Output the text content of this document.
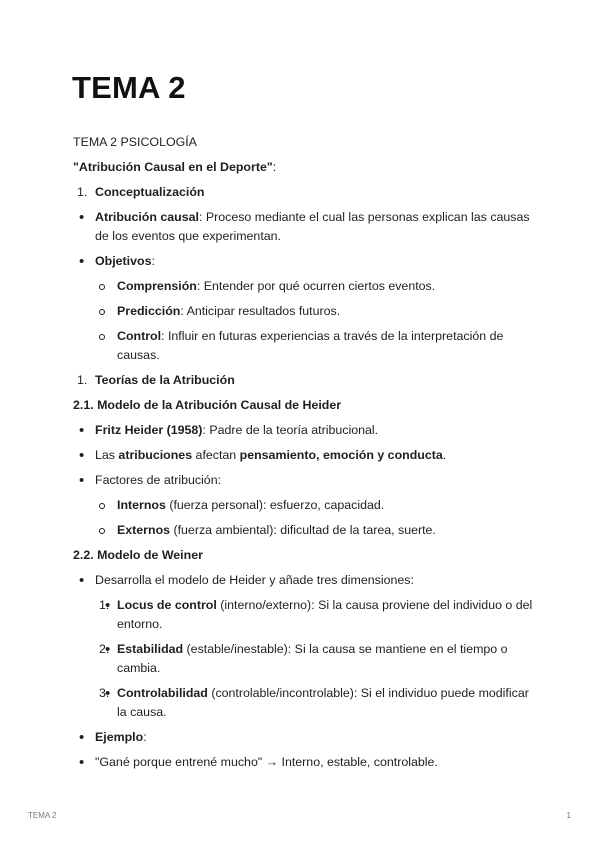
TEMA 2

TEMA 2 PSICOLOGÍA

"Atribución Causal en el Deporte":

1. Conceptualización
Atribución causal: Proceso mediante el cual las personas explican las causas de los eventos que experimentan.
Objetivos:
Comprensión: Entender por qué ocurren ciertos eventos.
Predicción: Anticipar resultados futuros.
Control: Influir en futuras experiencias a través de la interpretación de causas.
1. Teorías de la Atribución

2.1. Modelo de la Atribución Causal de Heider

Fritz Heider (1958): Padre de la teoría atribucional.
Las atribuciones afectan pensamiento, emoción y conducta.
Factores de atribución:
Internos (fuerza personal): esfuerzo, capacidad.
Externos (fuerza ambiental): dificultad de la tarea, suerte.

2.2. Modelo de Weiner

Desarrolla el modelo de Heider y añade tres dimensiones:
• 1. Locus de control (interno/externo): Si la causa proviene del individuo o del entorno.
• 2. Estabilidad (estable/inestable): Si la causa se mantiene en el tiempo o cambia.
• 3. Controlabilidad (controlable/incontrolable): Si el individuo puede modificar la causa.
Ejemplo:
"Gané porque entrené mucho" → Interno, estable, controlable.
TEMA 2	1
